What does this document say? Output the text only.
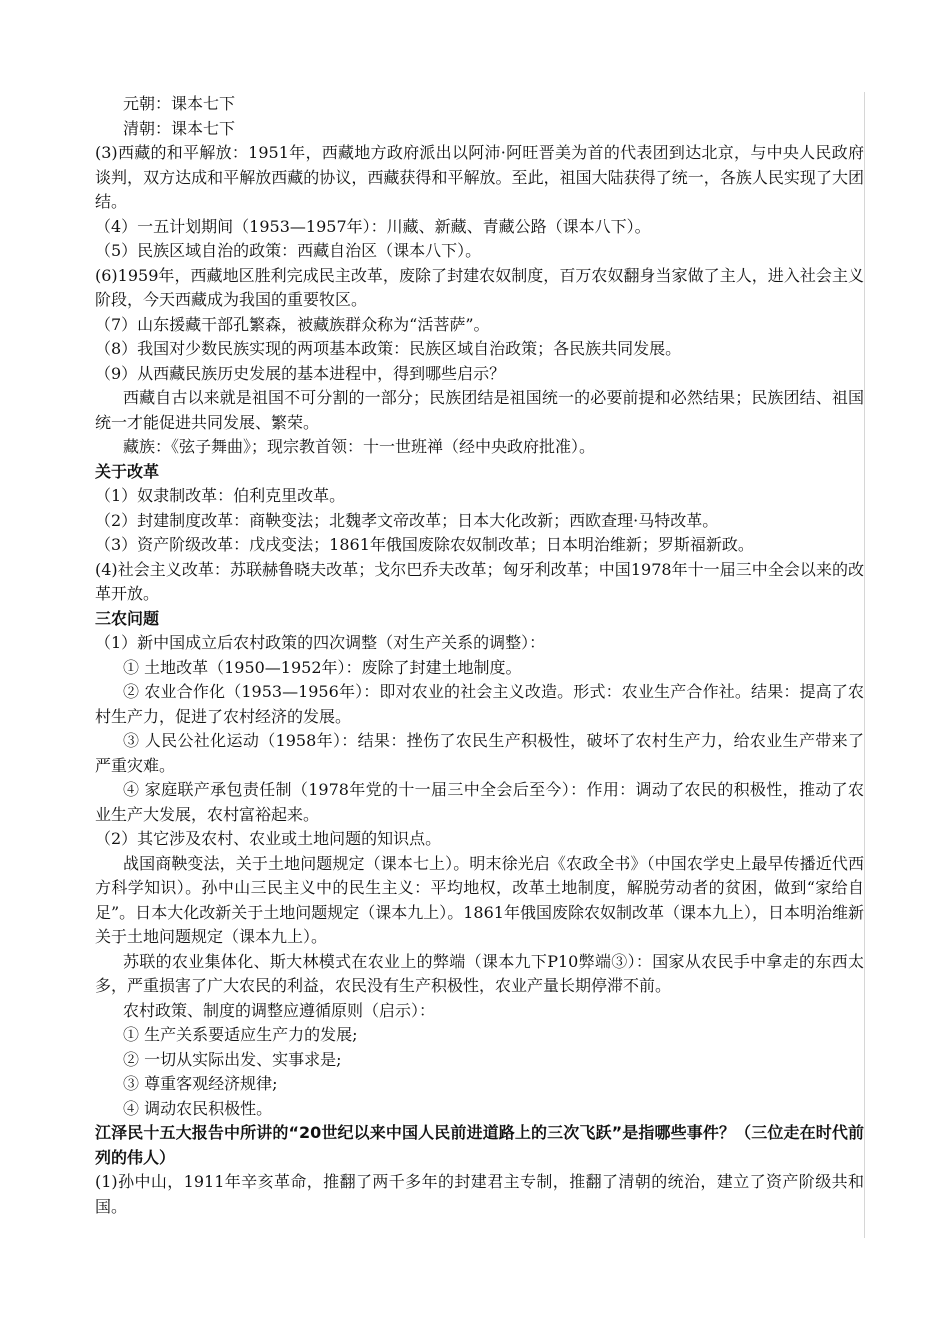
元朝：课本七下

清朝：课本七下

(3)西藏的和平解放：1951年，西藏地方政府派出以阿沛·阿旺晋美为首的代表团到达北京，与中央人民政府谈判，双方达成和平解放西藏的协议，西藏获得和平解放。至此，祖国大陆获得了统一，各族人民实现了大团结。

（4）一五计划期间（1953—1957年）：川藏、新藏、青藏公路（课本八下）。

（5）民族区域自治的政策：西藏自治区（课本八下）。

(6)1959年，西藏地区胜利完成民主改革，废除了封建农奴制度，百万农奴翻身当家做了主人，进入社会主义阶段，今天西藏成为我国的重要牧区。

（7）山东援藏干部孔繁森，被藏族群众称为“活菩萨”。

（8）我国对少数民族实现的两项基本政策：民族区域自治政策；各民族共同发展。

（9）从西藏民族历史发展的基本进程中，得到哪些启示？

西藏自古以来就是祖国不可分割的一部分；民族团结是祖国统一的必要前提和必然结果；民族团结、祖国统一才能促进共同发展、繁荣。

藏族：《弦子舞曲》；现宗教首领：十一世班禅（经中央政府批准）。

关于改革

（1）奴隶制改革：伯利克里改革。

（2）封建制度改革：商鞅变法；北魏孝文帝改革；日本大化改新；西欧查理·马特改革。

（3）资产阶级改革：戊戌变法；1861年俄国废除农奴制改革；日本明治维新；罗斯福新政。

(4)社会主义改革：苏联赫鲁晓夫改革；戈尔巴乔夫改革；匈牙利改革；中国1978年十一届三中全会以来的改革开放。

三农问题

（1）新中国成立后农村政策的四次调整（对生产关系的调整）：

① 土地改革（1950—1952年）：废除了封建土地制度。

② 农业合作化（1953—1956年）：即对农业的社会主义改造。形式：农业生产合作社。结果：提高了农村生产力，促进了农村经济的发展。

③ 人民公社化运动（1958年）：结果：挫伤了农民生产积极性，破坏了农村生产力，给农业生产带来了严重灾难。

④ 家庭联产承包责任制（1978年党的十一届三中全会后至今）：作用：调动了农民的积极性，推动了农业生产大发展，农村富裕起来。

（2）其它涉及农村、农业或土地问题的知识点。

战国商鞅变法，关于土地问题规定（课本七上）。明末徐光启《农政全书》（中国农学史上最早传播近代西方科学知识）。孙中山三民主义中的民生主义：平均地权，改革土地制度，解脱劳动者的贫困，做到“家给自足”。日本大化改新关于土地问题规定（课本九上）。1861年俄国废除农奴制改革（课本九上），日本明治维新关于土地问题规定（课本九上）。

苏联的农业集体化、斯大林模式在农业上的弊端（课本九下P10弊端③）：国家从农民手中拿走的东西太多，严重损害了广大农民的利益，农民没有生产积极性，农业产量长期停滞不前。

农村政策、制度的调整应遵循原则（启示）：

① 生产关系要适应生产力的发展;

② 一切从实际出发、实事求是;

③ 尊重客观经济规律;

④ 调动农民积极性。

江泽民十五大报告中所讲的“20世纪以来中国人民前进道路上的三次飞跃”是指哪些事件？（三位走在时代前列的伟人）

(1)孙中山，1911年辛亥革命，推翻了两千多年的封建君主专制，推翻了清朝的统治，建立了资产阶级共和国。
